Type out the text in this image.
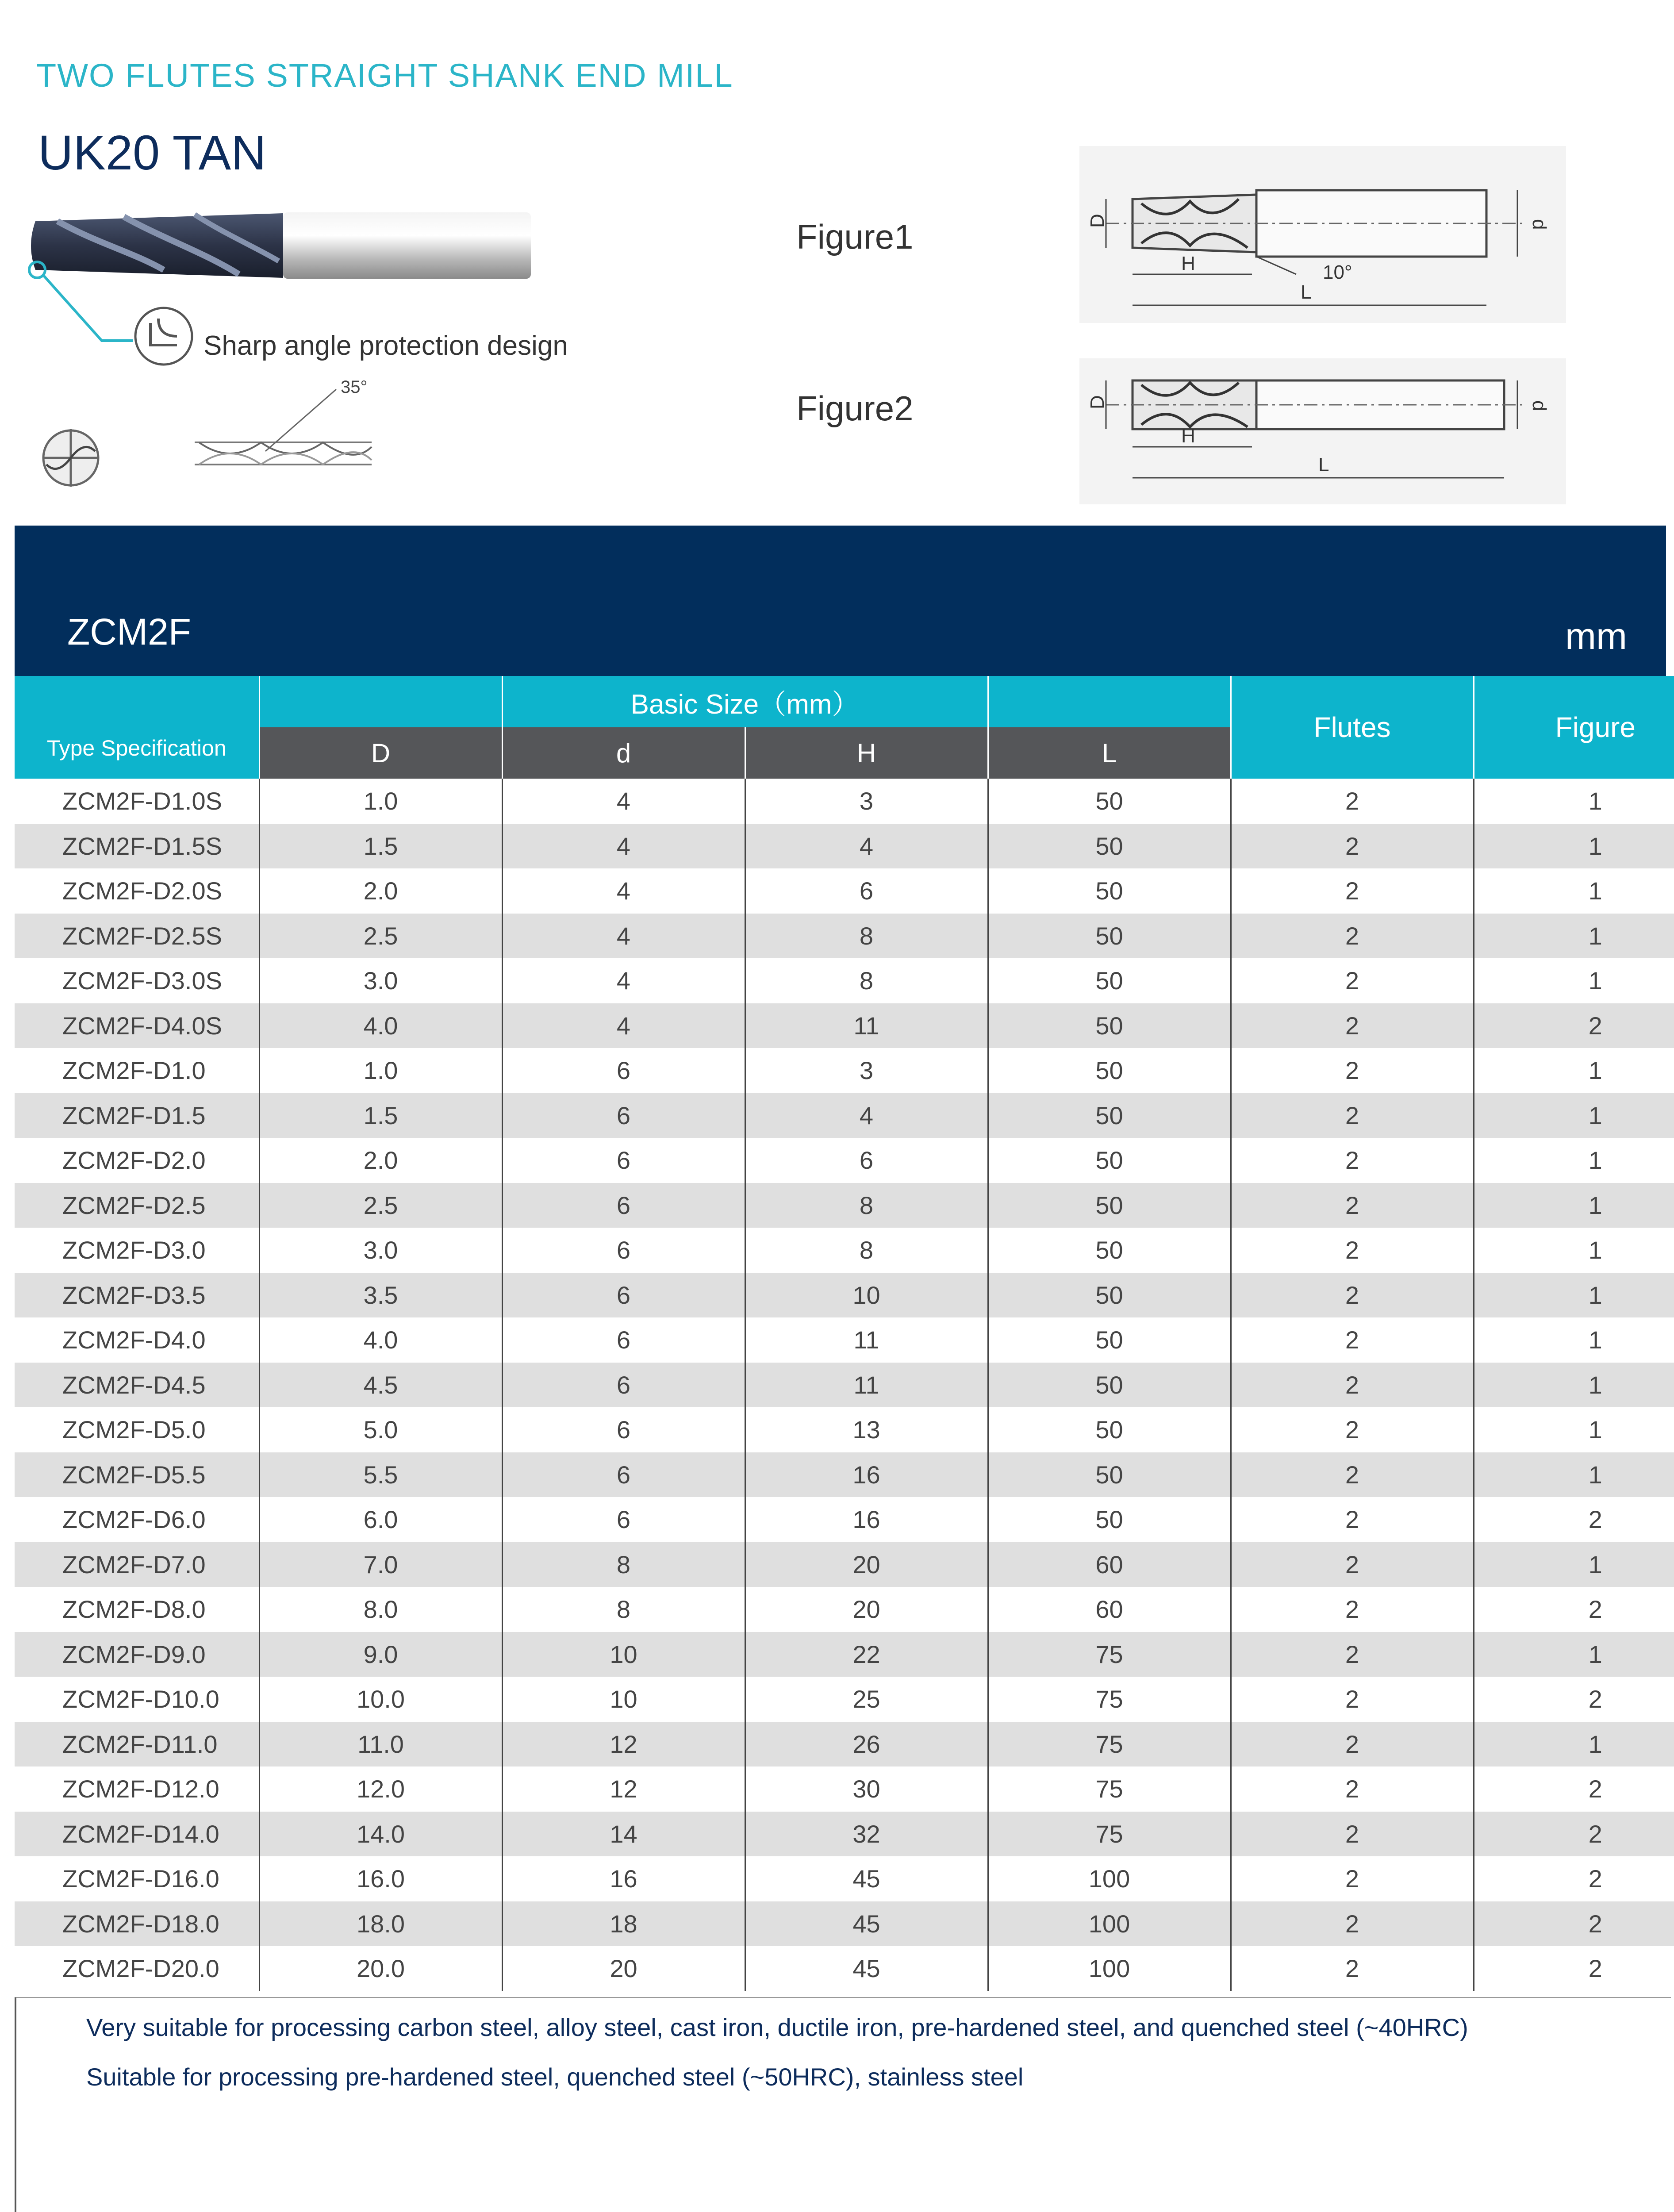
TWO FLUTES STRAIGHT SHANK END MILL
UK20 TAN
Sharp angle protection design
35°
Figure1
Figure2
D	d
H
L
10°
D	d
H
L
ZCM2F	mm
Type Specification		Basic Size（mm）			Flutes	Figure
	D	d	H	L		
ZCM2F-D1.0S	1.0	4	3	50	2	1
ZCM2F-D1.5S	1.5	4	4	50	2	1
ZCM2F-D2.0S	2.0	4	6	50	2	1
ZCM2F-D2.5S	2.5	4	8	50	2	1
ZCM2F-D3.0S	3.0	4	8	50	2	1
ZCM2F-D4.0S	4.0	4	11	50	2	2
ZCM2F-D1.0	1.0	6	3	50	2	1
ZCM2F-D1.5	1.5	6	4	50	2	1
ZCM2F-D2.0	2.0	6	6	50	2	1
ZCM2F-D2.5	2.5	6	8	50	2	1
ZCM2F-D3.0	3.0	6	8	50	2	1
ZCM2F-D3.5	3.5	6	10	50	2	1
ZCM2F-D4.0	4.0	6	11	50	2	1
ZCM2F-D4.5	4.5	6	11	50	2	1
ZCM2F-D5.0	5.0	6	13	50	2	1
ZCM2F-D5.5	5.5	6	16	50	2	1
ZCM2F-D6.0	6.0	6	16	50	2	2
ZCM2F-D7.0	7.0	8	20	60	2	1
ZCM2F-D8.0	8.0	8	20	60	2	2
ZCM2F-D9.0	9.0	10	22	75	2	1
ZCM2F-D10.0	10.0	10	25	75	2	2
ZCM2F-D11.0	11.0	12	26	75	2	1
ZCM2F-D12.0	12.0	12	30	75	2	2
ZCM2F-D14.0	14.0	14	32	75	2	2
ZCM2F-D16.0	16.0	16	45	100	2	2
ZCM2F-D18.0	18.0	18	45	100	2	2
ZCM2F-D20.0	20.0	20	45	100	2	2
Very suitable for processing carbon steel, alloy steel, cast iron, ductile iron, pre-hardened steel, and quenched steel (~40HRC)
Suitable for processing pre-hardened steel, quenched steel (~50HRC), stainless steel
